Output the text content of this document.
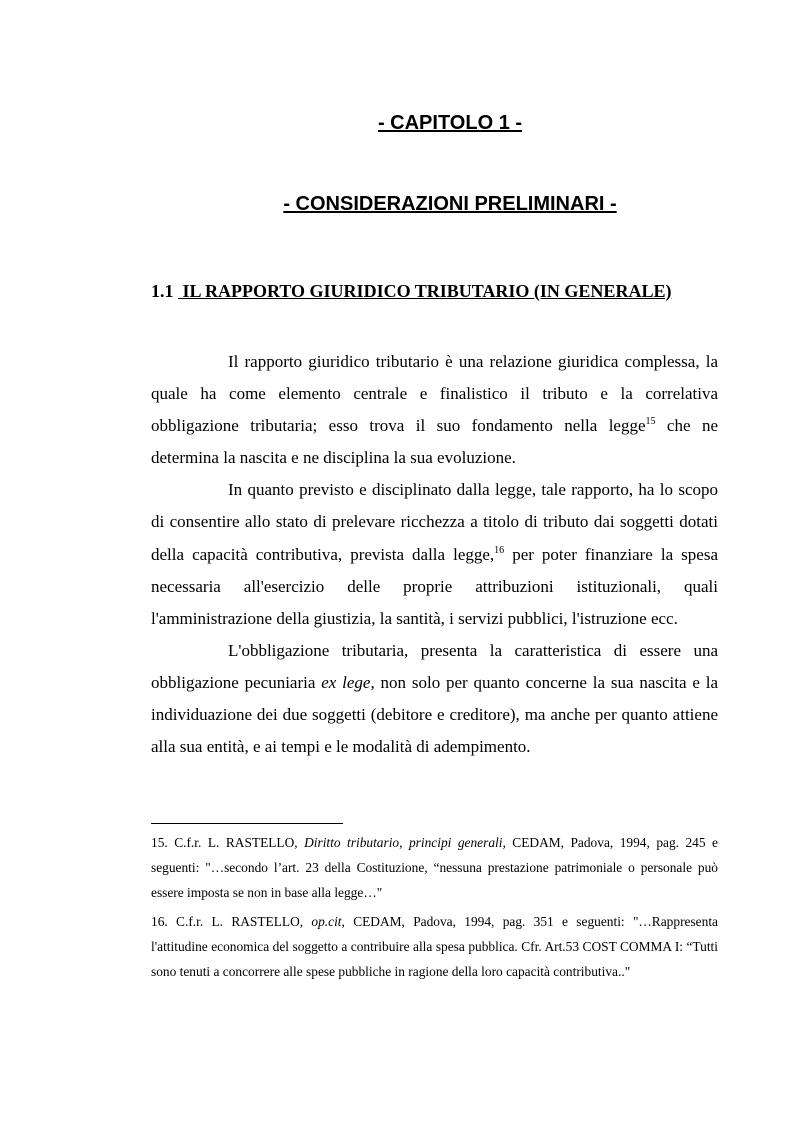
- CAPITOLO 1 -
- CONSIDERAZIONI PRELIMINARI -
1.1 IL RAPPORTO GIURIDICO TRIBUTARIO (IN GENERALE)

Il rapporto giuridico tributario è una relazione giuridica complessa, la quale ha come elemento centrale e finalistico il tributo e la correlativa obbligazione tributaria; esso trova il suo fondamento nella legge$^{15}$ che ne determina la nascita e ne disciplina la sua evoluzione.

In quanto previsto e disciplinato dalla legge, tale rapporto, ha lo scopo di consentire allo stato di prelevare ricchezza a titolo di tributo dai soggetti dotati della capacità contributiva, prevista dalla legge,$^{16}$ per poter finanziare la spesa necessaria all'esercizio delle proprie attribuzioni istituzionali, quali l'amministrazione della giustizia, la santità, i servizi pubblici, l'istruzione ecc.

L'obbligazione tributaria, presenta la caratteristica di essere una obbligazione pecuniaria ex lege, non solo per quanto concerne la sua nascita e la individuazione dei due soggetti (debitore e creditore), ma anche per quanto attiene alla sua entità, e ai tempi e le modalità di adempimento.

15. C.f.r. L. RASTELLO, Diritto tributario, principi generali, CEDAM, Padova, 1994, pag. 245 e seguenti: "…secondo l’art. 23 della Costituzione, “nessuna prestazione patrimoniale o personale può essere imposta se non in base alla legge…"

16. C.f.r. L. RASTELLO, op.cit, CEDAM, Padova, 1994, pag. 351 e seguenti: "…Rappresenta l'attitudine economica del soggetto a contribuire alla spesa pubblica. Cfr. Art.53 COST COMMA I: “Tutti sono tenuti a concorrere alle spese pubbliche in ragione della loro capacità contributiva.."
